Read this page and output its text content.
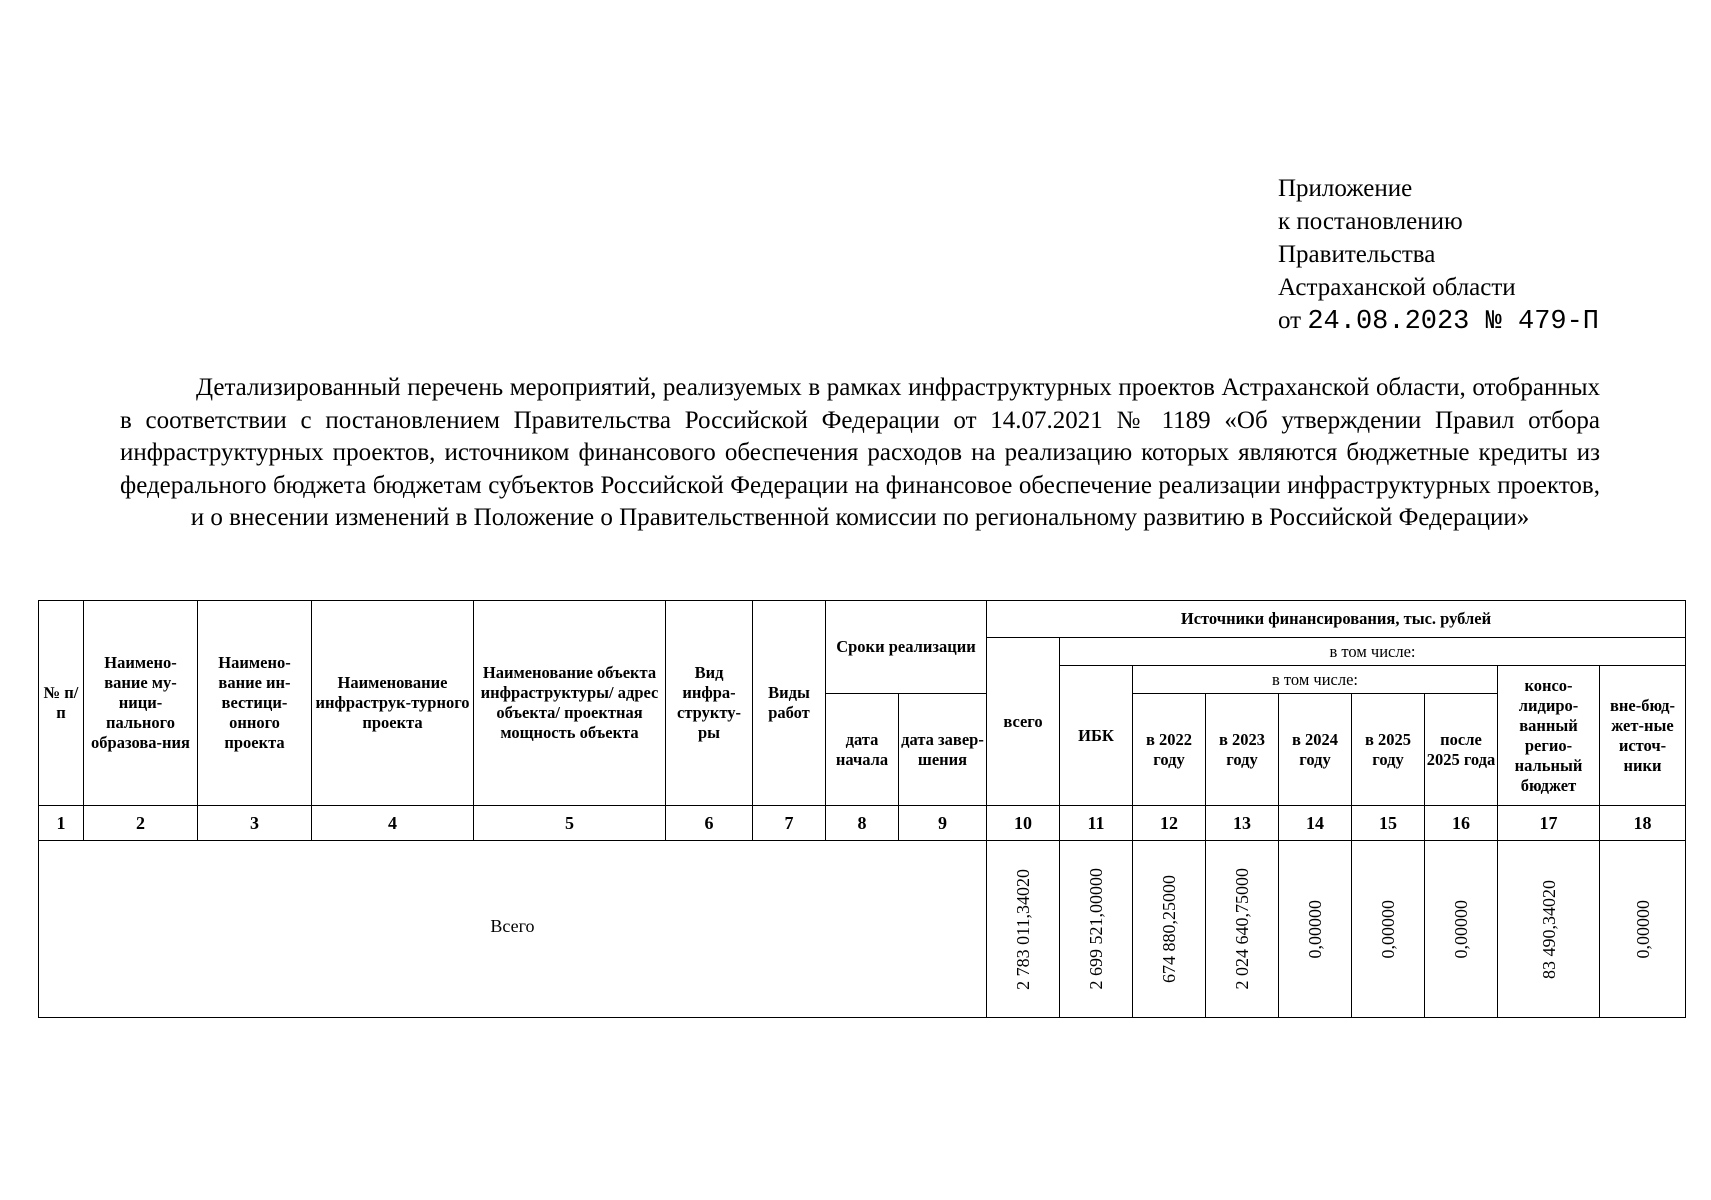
Приложение
к постановлению
Правительства
Астраханской области
от 24.08.2023 № 479-П
Детализированный перечень мероприятий, реализуемых в рамках инфраструктурных проектов Астраханской области, отобранных в соответствии с постановлением Правительства Российской Федерации от 14.07.2021 № 1189 «Об утверждении Правил отбора инфраструктурных проектов, источником финансового обеспечения расходов на реализацию которых являются бюджетные кредиты из федерального бюджета бюджетам субъектов Российской Федерации на финансовое обеспечение реализации инфраструктурных проектов, и о внесении изменений в Положение о Правительственной комиссии по региональному развитию в Российской Федерации»
№ п/п	Наимено-вание му-ници-пального образова-ния	Наимено-вание ин-вестици-онного проекта	Наименование инфраструк-турного проекта	Наименование объекта инфраструктуры/ адрес объекта/ проектная мощность объекта	Вид инфра-структу-ры	Виды работ	Сроки реализации		Источники финансирования, тыс. рублей								
									всего	в том числе:							
										ИБК	в том числе:					консо-лидиро-ванный регио-нальный бюджет	вне-бюд-жет-ные источ-ники
							дата начала	дата завер-шения			в 2022 году	в 2023 году	в 2024 году	в 2025 году	после 2025 года		

1	2	3	4	5	6	7	8	9	10	11	12	13	14	15	16	17	18
Всего									2 783 011,34020	2 699 521,00000	674 880,25000	2 024 640,75000	0,00000	0,00000	0,00000	83 490,34020	0,00000
